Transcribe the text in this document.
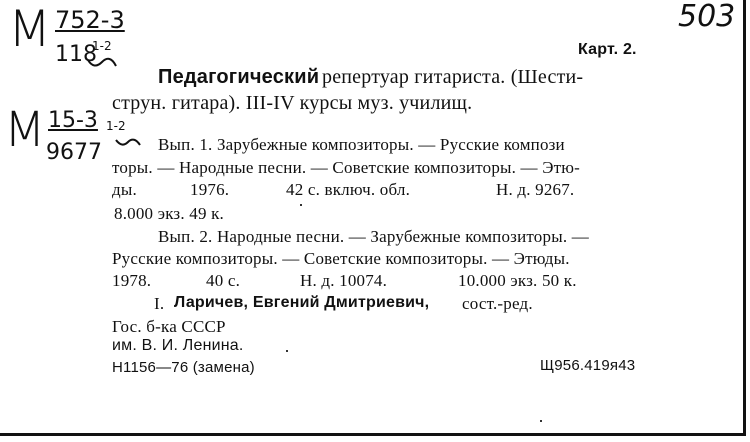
М 752-3
118
1-2
503
М 15-3 1-2
9677
Карт. 2.
Педагогический репертуар гитариста. (Шести-
струн. гитара). III-IV курсы муз. училищ.
Вып. 1. Зарубежные композиторы. — Русские компози
торы. — Народные песни. — Советские композиторы. — Этю-
ды.	1976.	42 с. включ. обл.	Н. д. 9267.
8.000 экз. 49 к.
Вып. 2. Народные песни. — Зарубежные композиторы. —
Русские композиторы. — Советские композиторы. — Этюды.
1978.	40 с.	Н. д. 10074.	10.000 экз. 50 к.
I. Ларичев, Евгений Дмитриевич, сост.-ред.
Гос. б-ка СССР
им. В. И. Ленина.
Н1156—76 (замена)	Щ956.419я43
